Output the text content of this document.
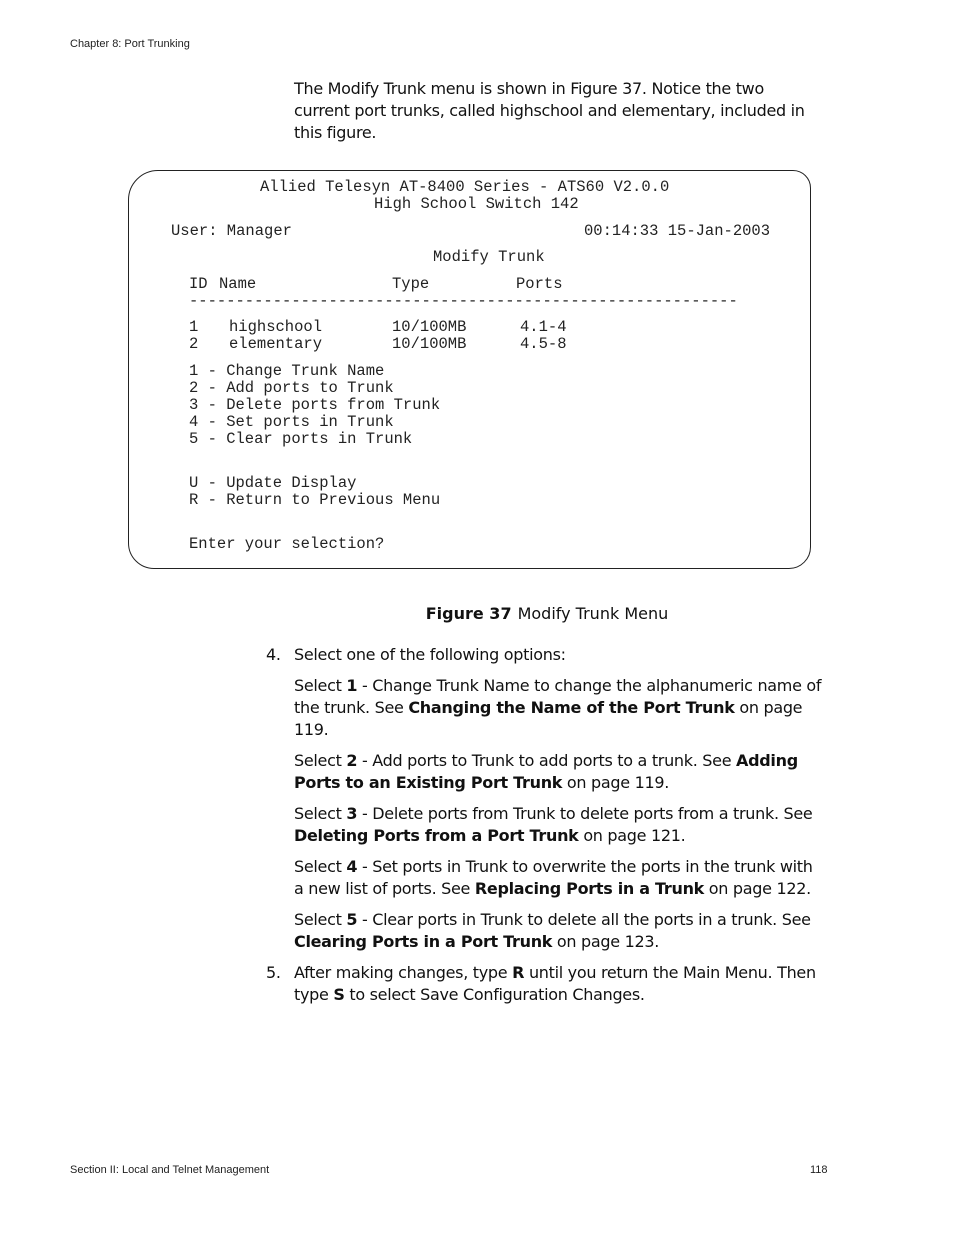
Chapter 8: Port Trunking
The Modify Trunk menu is shown in Figure 37. Notice the two current port trunks, called highschool and elementary, included in this figure.
Allied Telesyn AT-8400 Series - ATS60 V2.0.0
High School Switch 142
User: Manager	00:14:33 15-Jan-2003
Modify Trunk
ID Name	Type	Ports
-----------------------------------------------------------
1 highschool	10/100MB	4.1-4
2 elementary	10/100MB	4.5-8
1 - Change Trunk Name
2 - Add ports to Trunk
3 - Delete ports from Trunk
4 - Set ports in Trunk
5 - Clear ports in Trunk
U - Update Display
R - Return to Previous Menu
Enter your selection?
Figure 37 Modify Trunk Menu
4. Select one of the following options:
Select 1 - Change Trunk Name to change the alphanumeric name of the trunk. See Changing the Name of the Port Trunk on page 119.
Select 2 - Add ports to Trunk to add ports to a trunk. See Adding Ports to an Existing Port Trunk on page 119.
Select 3 - Delete ports from Trunk to delete ports from a trunk. See Deleting Ports from a Port Trunk on page 121.
Select 4 - Set ports in Trunk to overwrite the ports in the trunk with a new list of ports. See Replacing Ports in a Trunk on page 122.
Select 5 - Clear ports in Trunk to delete all the ports in a trunk. See Clearing Ports in a Port Trunk on page 123.
5. After making changes, type R until you return the Main Menu. Then type S to select Save Configuration Changes.
Section II: Local and Telnet Management	118
